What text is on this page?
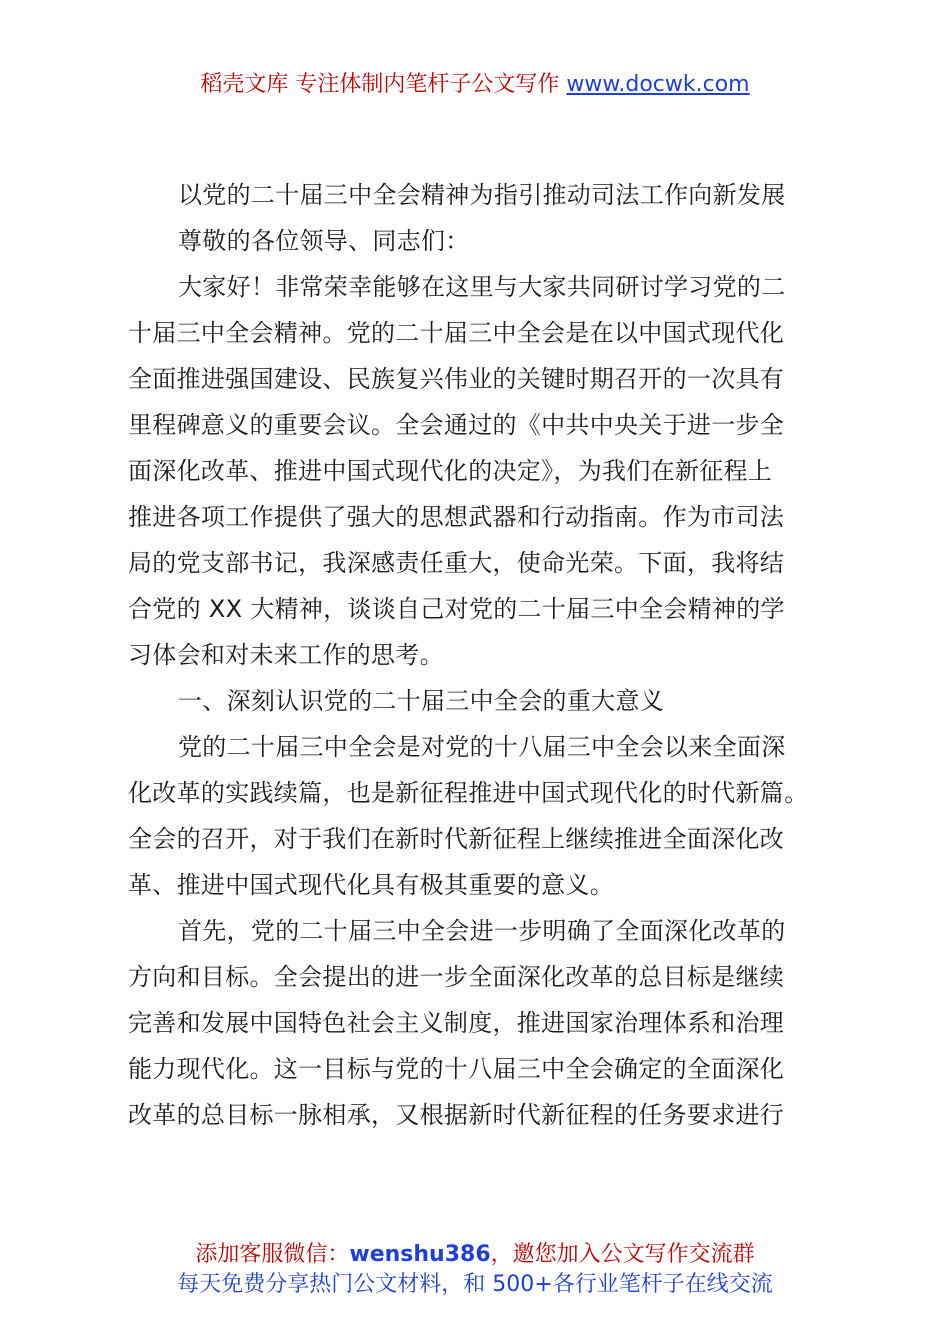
稻壳文库 专注体制内笔杆子公文写作 www.docwk.com
以党的二十届三中全会精神为指引推动司法工作向新发展
尊敬的各位领导、同志们：
大家好！非常荣幸能够在这里与大家共同研讨学习党的二
十届三中全会精神。党的二十届三中全会是在以中国式现代化
全面推进强国建设、民族复兴伟业的关键时期召开的一次具有
里程碑意义的重要会议。全会通过的《中共中央关于进一步全
面深化改革、推进中国式现代化的决定》，为我们在新征程上
推进各项工作提供了强大的思想武器和行动指南。作为市司法
局的党支部书记，我深感责任重大，使命光荣。下面，我将结
合党的 XX 大精神，谈谈自己对党的二十届三中全会精神的学
习体会和对未来工作的思考。
一、深刻认识党的二十届三中全会的重大意义
党的二十届三中全会是对党的十八届三中全会以来全面深
化改革的实践续篇，也是新征程推进中国式现代化的时代新篇。
全会的召开，对于我们在新时代新征程上继续推进全面深化改
革、推进中国式现代化具有极其重要的意义。
首先，党的二十届三中全会进一步明确了全面深化改革的
方向和目标。全会提出的进一步全面深化改革的总目标是继续
完善和发展中国特色社会主义制度，推进国家治理体系和治理
能力现代化。这一目标与党的十八届三中全会确定的全面深化
改革的总目标一脉相承，又根据新时代新征程的任务要求进行
添加客服微信：wenshu386，邀您加入公文写作交流群
每天免费分享热门公文材料，和 500+各行业笔杆子在线交流
